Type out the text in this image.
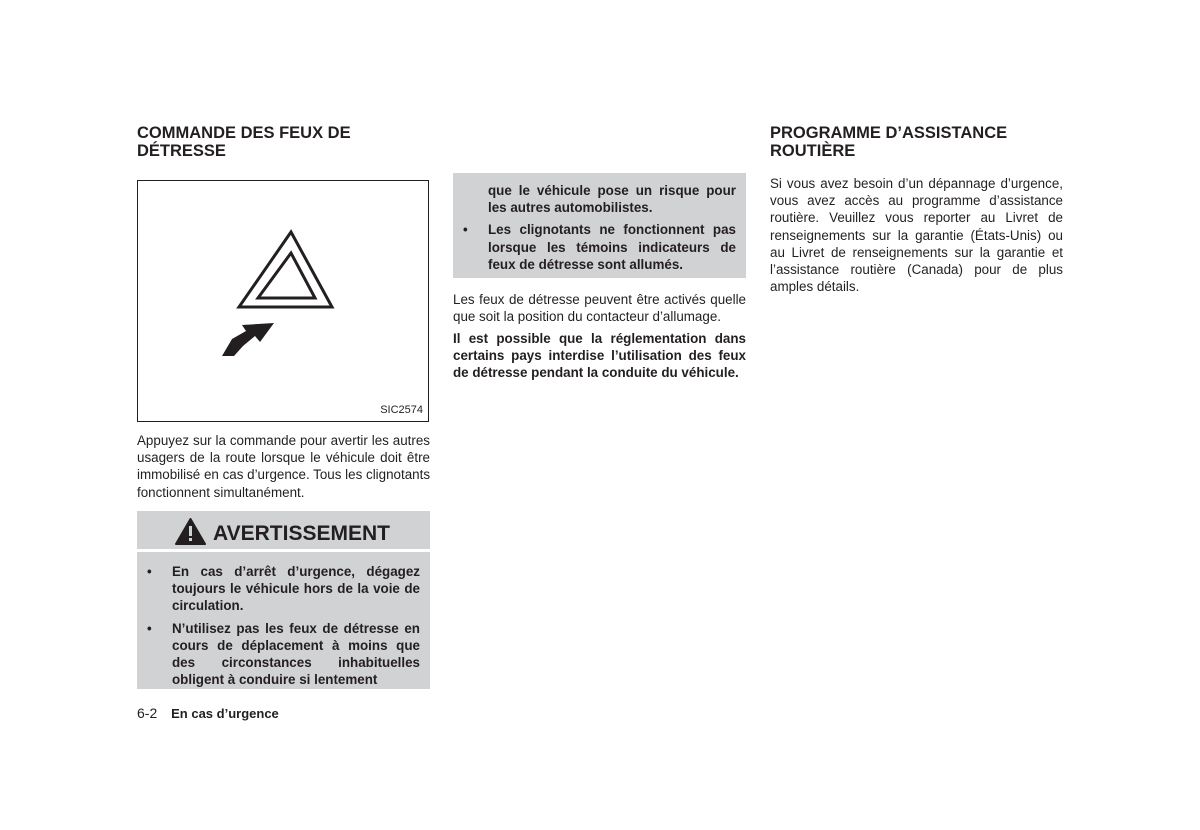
COMMANDE DES FEUX DE
DÉTRESSE
SIC2574

Appuyez sur la commande pour avertir les autres usagers de la route lorsque le véhicule doit être immobilisé en cas d’urgence. Tous les clignotants fonctionnent simultanément.

AVERTISSEMENT
• En cas d’arrêt d’urgence, dégagez toujours le véhicule hors de la voie de circulation.
• N’utilisez pas les feux de détresse en cours de déplacement à moins que des circonstances inhabituelles obligent à conduire si lentement
que le véhicule pose un risque pour les autres automobilistes.
• Les clignotants ne fonctionnent pas lorsque les témoins indicateurs de feux de détresse sont allumés.

Les feux de détresse peuvent être activés quelle que soit la position du contacteur d’allumage.

Il est possible que la réglementation dans certains pays interdise l’utilisation des feux de détresse pendant la conduite du véhicule.

PROGRAMME D’ASSISTANCE
ROUTIÈRE

Si vous avez besoin d’un dépannage d’urgence, vous avez accès au programme d’assistance routière. Veuillez vous reporter au Livret de renseignements sur la garantie (États-Unis) ou au Livret de renseignements sur la garantie et l’assistance routière (Canada) pour de plus amples détails.

6-2 En cas d’urgence
